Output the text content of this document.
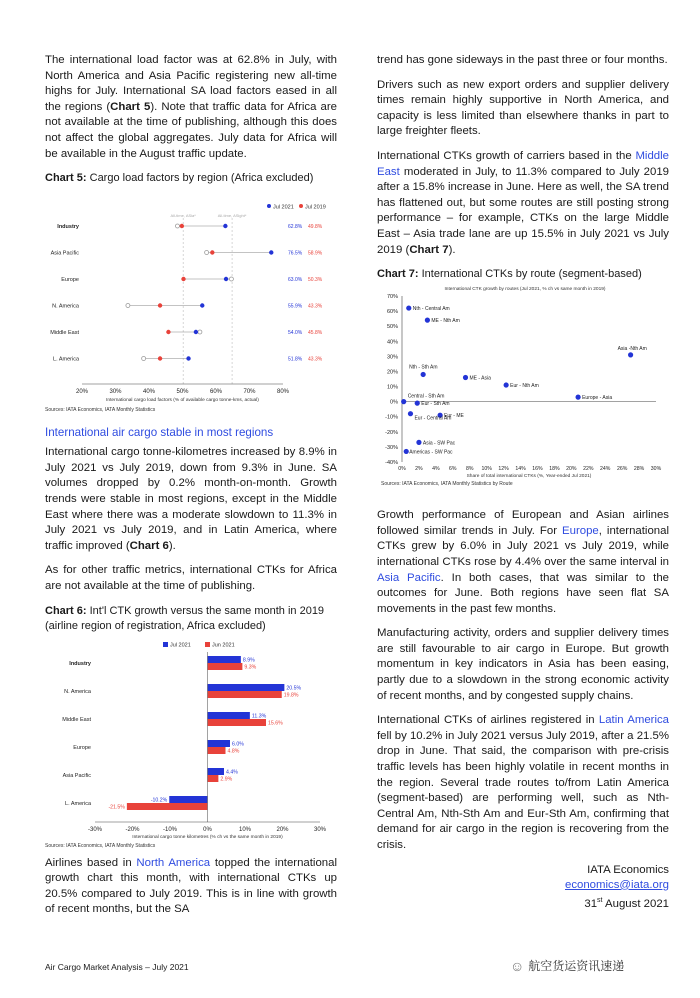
The international load factor was at 62.8% in July, with North America and Asia Pacific registering new all-time highs for July. International SA load factors eased in all the regions (Chart 5). Note that traffic data for Africa are not available at the time of publishing, although this does not affect the global aggregates. July data for Africa will be available in the August traffic update.

Chart 5: Cargo load factors by region (Africa excluded)
Jul 2021 Jul 2019
All-time, ASia*	All-time, ASight*
Industry	62.8% 49.8%
Asia Pacific	76.5% 58.9%
Europe	63.0% 50.3%
N. America	55.9% 43.3%
Middle East	54.0% 45.8%
L. America	51.8% 43.3%
20%	30%	40%	50%	60%	70%	80%
International cargo load factors (% of available cargo tonne-kms, actual)
Sources: IATA Economics, IATA Monthly Statistics
International air cargo stable in most regions

International cargo tonne-kilometres increased by 8.9% in July 2021 vs July 2019, down from 9.3% in June. SA volumes dropped by 0.2% month-on-month. Growth trends were stable in most regions, except in the Middle East where there was a moderate slowdown to 11.3% in July 2021 vs July 2019, and in Latin America, where traffic improved (Chart 6).

As for other traffic metrics, international CTKs for Africa are not available at the time of publishing.

Chart 6: Int'l CTK growth versus the same month in 2019 (airline region of registration, Africa excluded)
Jul 2021	Jun 2021
Industry
8.9%
9.3%
N. America
20.5%
19.8%
Middle East
11.3%
15.6%
Europe
6.0%
4.8%
Asia Pacific
4.4%
2.9%
L. America
-10.2%
-21.5%
-30%	-20%	-10%	0%	10%	20%	30%
International cargo tonne kilometres (% ch vs the same month in 2019)
Sources: IATA Economics, IATA Monthly Statistics

Airlines based in North America topped the international growth chart this month, with international CTKs up 20.5% compared to July 2019. This is in line with growth of recent months, but the SA

trend has gone sideways in the past three or four months.

Drivers such as new export orders and supplier delivery times remain highly supportive in North America, and capacity is less limited than elsewhere thanks in part to large freighter fleets.

International CTKs growth of carriers based in the Middle East moderated in July, to 11.3% compared to July 2019 after a 15.8% increase in June. Here as well, the SA trend has flattened out, but some routes are still posting strong performance – for example, CTKs on the large Middle East – Asia trade lane are up 15.5% in July 2021 vs July 2019 (Chart 7).

Chart 7: International CTKs by route (segment-based)
International CTK growth by routes (Jul 2021, % ch vs same month in 2019)
70%
60%
50%
40%
30%
20%
10%
0%
-10%
-20%
-30%
-40%
0% 2% 4% 6% 8% 10% 12% 14% 16% 18% 20% 22% 24% 26% 28% 30%
Share of total international CTKs (%, Year-ended Jul 2021)
Sources: IATA Economics, IATA Monthly Statistics by Route
Nth - Central Am
ME - Nth Am
Asia -Nth Am
Nth - Sth Am
ME - Asia
Eur - Nth Am
Europe - Asia
Central - Sth Am
Eur - Sth Am
Eur - ME
Eur - Central Am
Asia - SW Pac
Americas - SW Pac

Growth performance of European and Asian airlines followed similar trends in July. For Europe, international CTKs grew by 6.0% in July 2021 vs July 2019, while international CTKs rose by 4.4% over the same interval in Asia Pacific. In both cases, that was similar to the outcomes for June. Both regions have seen flat SA movements in the past few months.

Manufacturing activity, orders and supplier delivery times are still favourable to air cargo in Europe. But growth momentum in key indicators in Asia has been easing, partly due to a slowdown in the strong economic activity of recent months, and by congested supply chains.

International CTKs of airlines registered in Latin America fell by 10.2% in July 2021 versus July 2019, after a 21.5% drop in June. That said, the comparison with pre-crisis traffic levels has been highly volatile in recent months in the region. Several trade routes to/from Latin America (segment-based) are performing well, such as Nth-Central Am, Nth-Sth Am and Eur-Sth Am, confirming that demand for air cargo in the region is recovering from the crisis.

IATA Economics
economics@iata.org
31st August 2021
Air Cargo Market Analysis – July 2021	☺ 航空货运资讯速递
